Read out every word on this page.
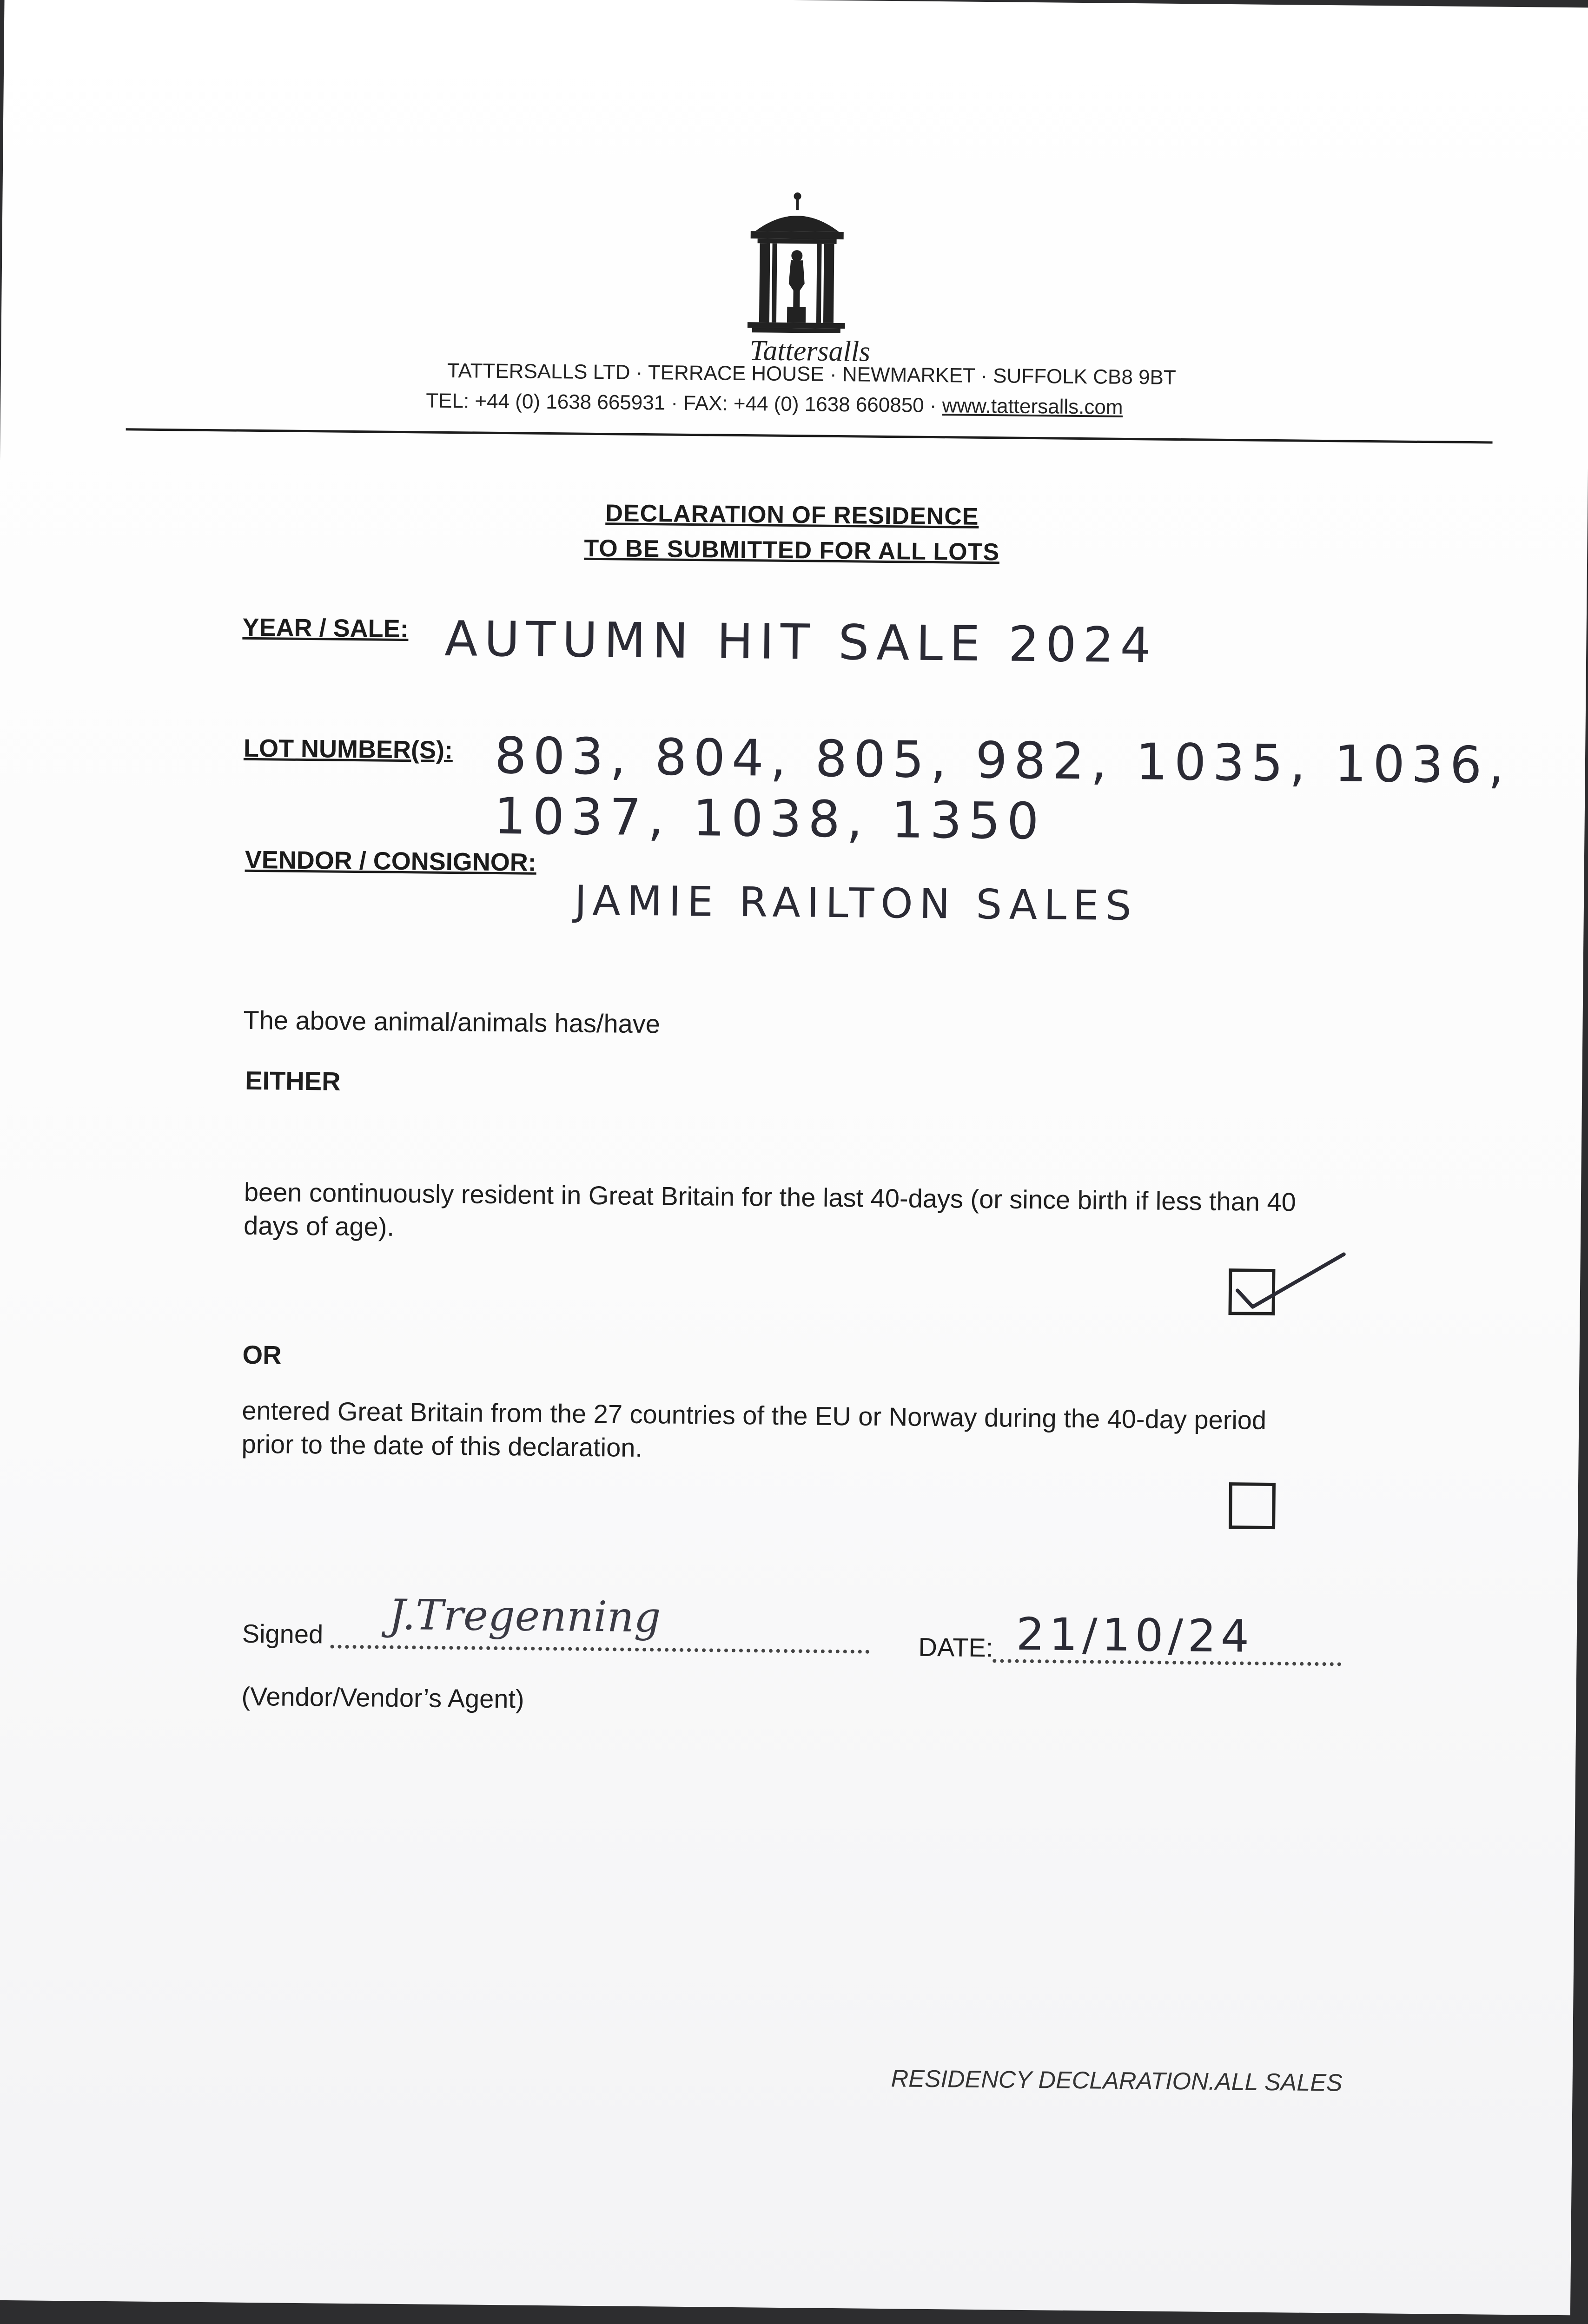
Tattersalls
TATTERSALLS LTD · TERRACE HOUSE · NEWMARKET · SUFFOLK CB8 9BT
TEL: +44 (0) 1638 665931 · FAX: +44 (0) 1638 660850 · www.tattersalls.com
DECLARATION OF RESIDENCE
TO BE SUBMITTED FOR ALL LOTS
YEAR / SALE: AUTUMN HIT SALE 2024
LOT NUMBER(S): 803, 804, 805, 982, 1035, 1036,
1037, 1038, 1350
VENDOR / CONSIGNOR:
JAMIE RAILTON SALES
The above animal/animals has/have
EITHER
been continuously resident in Great Britain for the last 40-days (or since birth if less than 40
days of age).
OR
entered Great Britain from the 27 countries of the EU or Norway during the 40-day period
prior to the date of this declaration.
Signed J.Tregenning
(Vendor/Vendor’s Agent)
DATE: 21/10/24
RESIDENCY DECLARATION.ALL SALES
